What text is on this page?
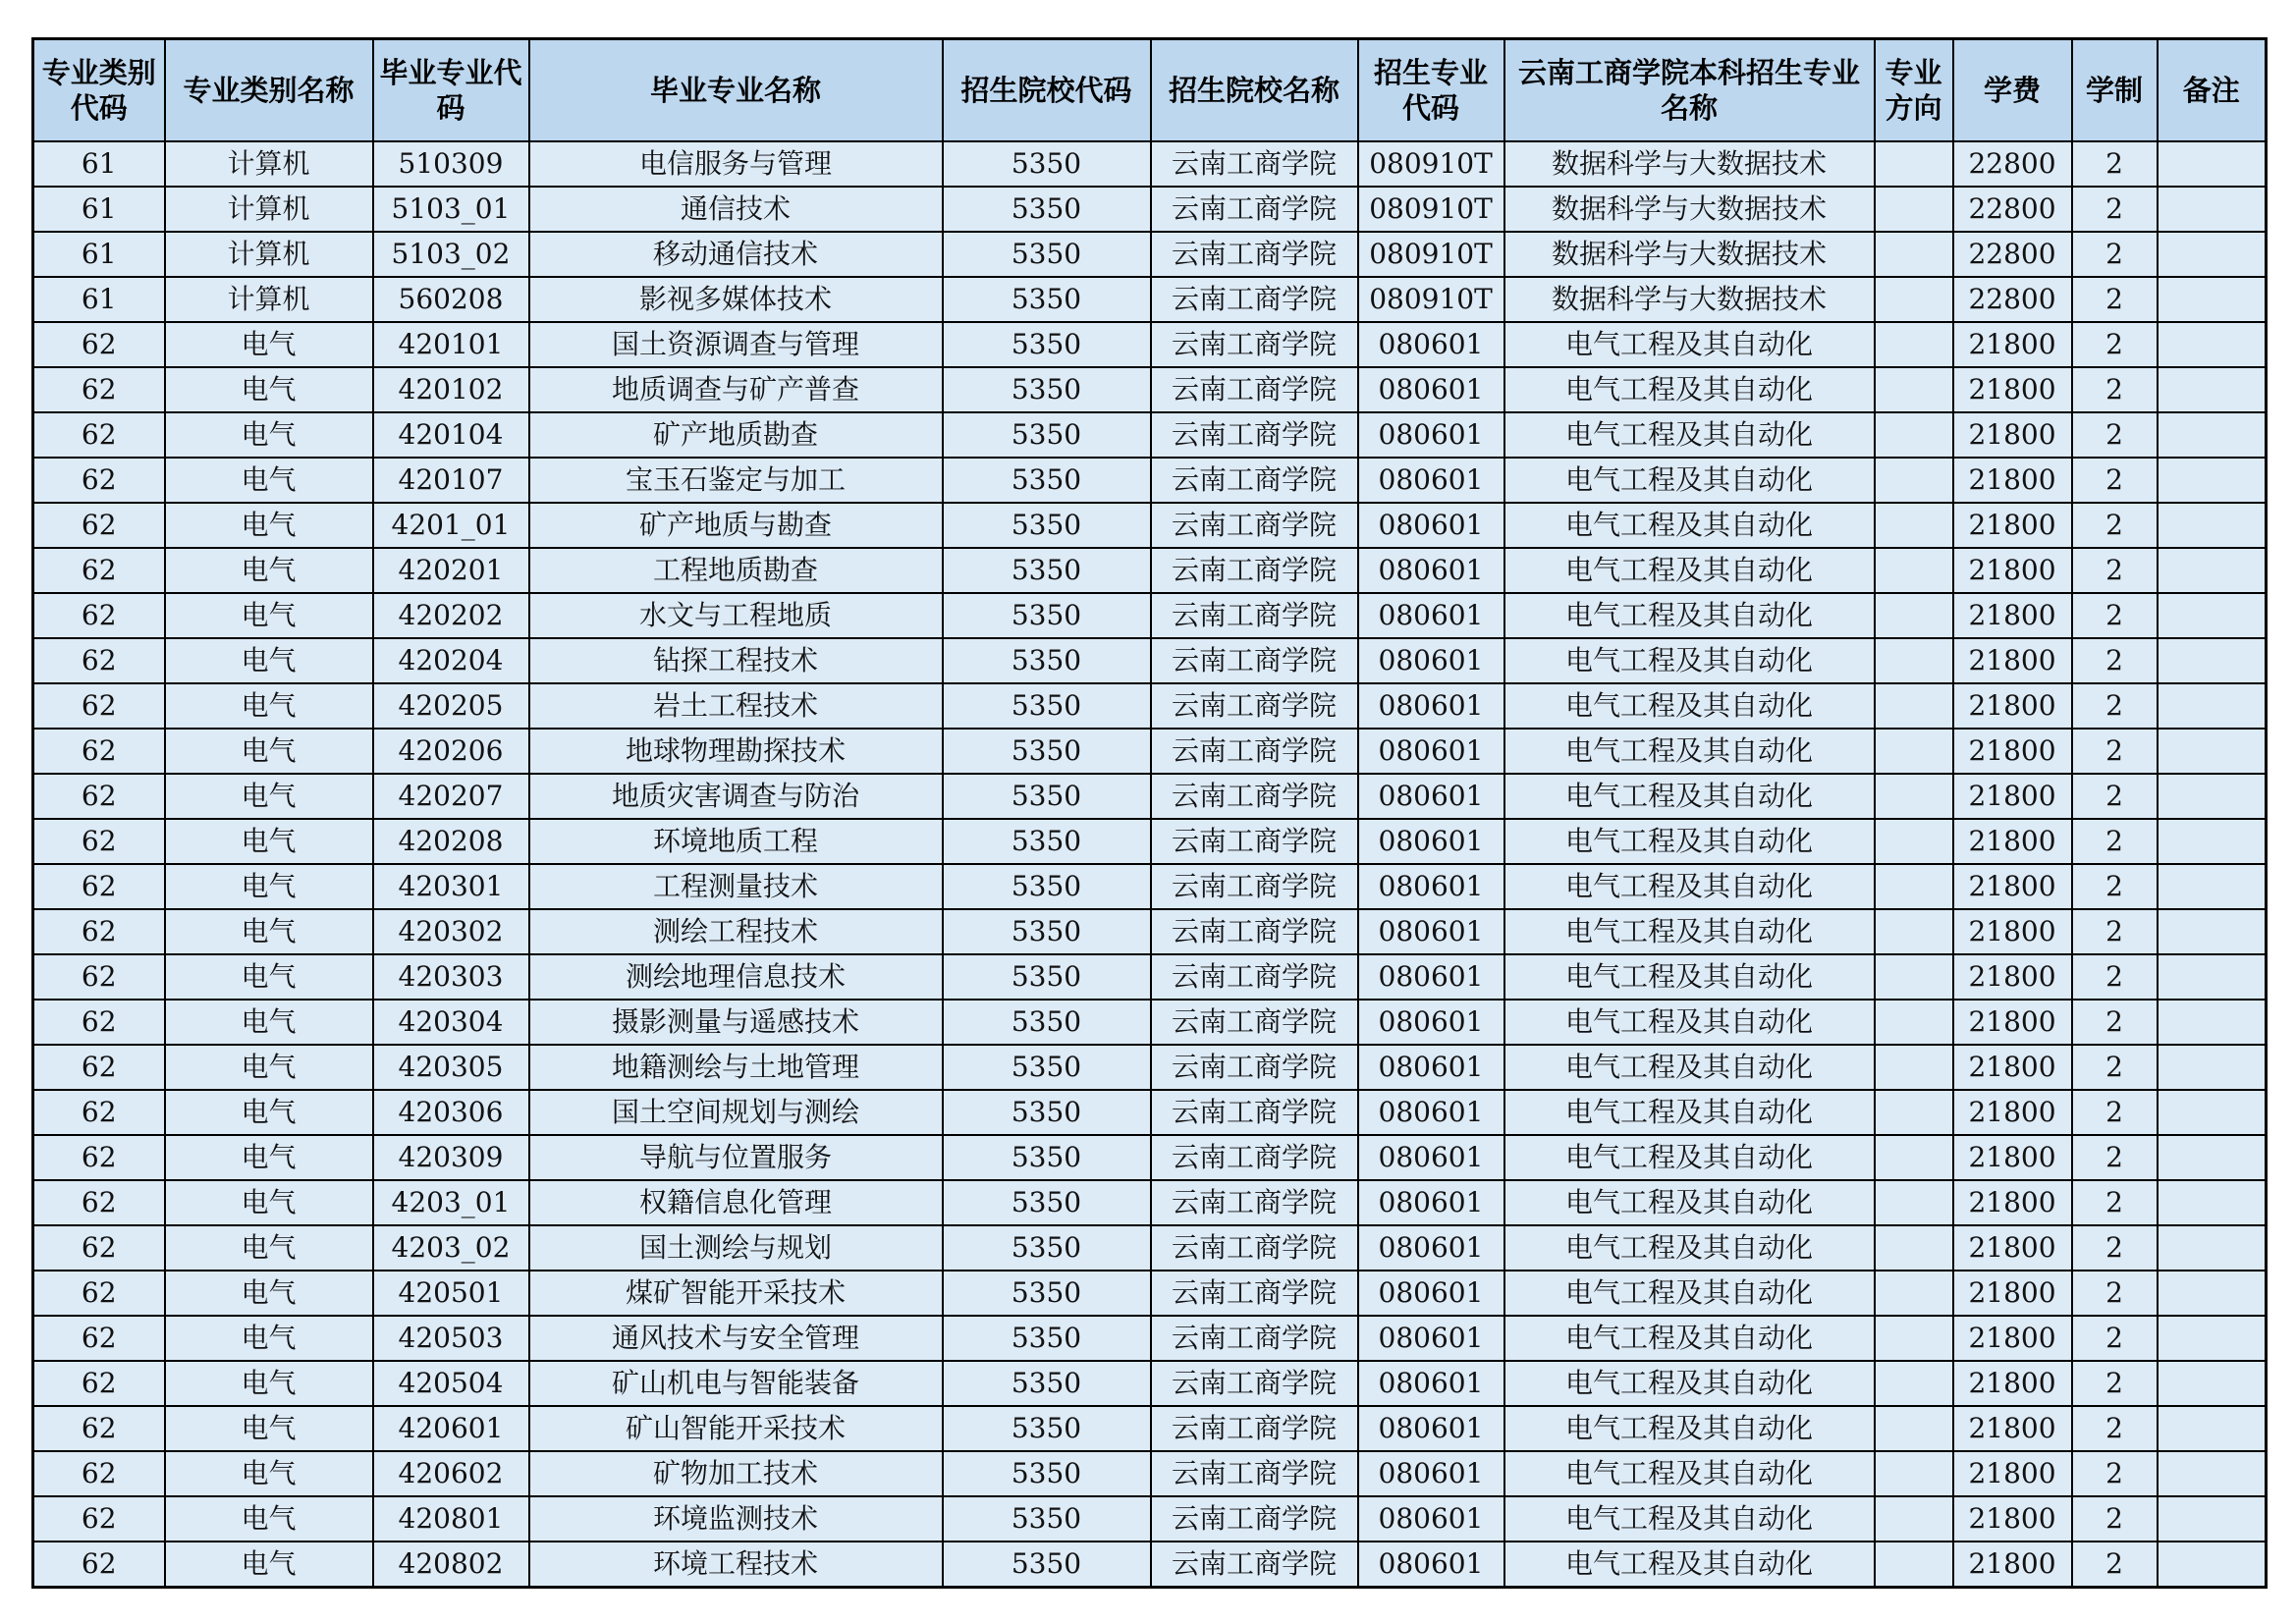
专业类别代码	专业类别名称	毕业专业代码	毕业专业名称	招生院校代码	招生院校名称	招生专业代码	云南工商学院本科招生专业名称	专业方向	学费	学制	备注
61	计算机	510309	电信服务与管理	5350	云南工商学院	080910T	数据科学与大数据技术		22800	2	
61	计算机	5103_01	通信技术	5350	云南工商学院	080910T	数据科学与大数据技术		22800	2	
61	计算机	5103_02	移动通信技术	5350	云南工商学院	080910T	数据科学与大数据技术		22800	2	
61	计算机	560208	影视多媒体技术	5350	云南工商学院	080910T	数据科学与大数据技术		22800	2	
62	电气	420101	国土资源调查与管理	5350	云南工商学院	080601	电气工程及其自动化		21800	2	
62	电气	420102	地质调查与矿产普查	5350	云南工商学院	080601	电气工程及其自动化		21800	2	
62	电气	420104	矿产地质勘查	5350	云南工商学院	080601	电气工程及其自动化		21800	2	
62	电气	420107	宝玉石鉴定与加工	5350	云南工商学院	080601	电气工程及其自动化		21800	2	
62	电气	4201_01	矿产地质与勘查	5350	云南工商学院	080601	电气工程及其自动化		21800	2	
62	电气	420201	工程地质勘查	5350	云南工商学院	080601	电气工程及其自动化		21800	2	
62	电气	420202	水文与工程地质	5350	云南工商学院	080601	电气工程及其自动化		21800	2	
62	电气	420204	钻探工程技术	5350	云南工商学院	080601	电气工程及其自动化		21800	2	
62	电气	420205	岩土工程技术	5350	云南工商学院	080601	电气工程及其自动化		21800	2	
62	电气	420206	地球物理勘探技术	5350	云南工商学院	080601	电气工程及其自动化		21800	2	
62	电气	420207	地质灾害调查与防治	5350	云南工商学院	080601	电气工程及其自动化		21800	2	
62	电气	420208	环境地质工程	5350	云南工商学院	080601	电气工程及其自动化		21800	2	
62	电气	420301	工程测量技术	5350	云南工商学院	080601	电气工程及其自动化		21800	2	
62	电气	420302	测绘工程技术	5350	云南工商学院	080601	电气工程及其自动化		21800	2	
62	电气	420303	测绘地理信息技术	5350	云南工商学院	080601	电气工程及其自动化		21800	2	
62	电气	420304	摄影测量与遥感技术	5350	云南工商学院	080601	电气工程及其自动化		21800	2	
62	电气	420305	地籍测绘与土地管理	5350	云南工商学院	080601	电气工程及其自动化		21800	2	
62	电气	420306	国土空间规划与测绘	5350	云南工商学院	080601	电气工程及其自动化		21800	2	
62	电气	420309	导航与位置服务	5350	云南工商学院	080601	电气工程及其自动化		21800	2	
62	电气	4203_01	权籍信息化管理	5350	云南工商学院	080601	电气工程及其自动化		21800	2	
62	电气	4203_02	国土测绘与规划	5350	云南工商学院	080601	电气工程及其自动化		21800	2	
62	电气	420501	煤矿智能开采技术	5350	云南工商学院	080601	电气工程及其自动化		21800	2	
62	电气	420503	通风技术与安全管理	5350	云南工商学院	080601	电气工程及其自动化		21800	2	
62	电气	420504	矿山机电与智能装备	5350	云南工商学院	080601	电气工程及其自动化		21800	2	
62	电气	420601	矿山智能开采技术	5350	云南工商学院	080601	电气工程及其自动化		21800	2	
62	电气	420602	矿物加工技术	5350	云南工商学院	080601	电气工程及其自动化		21800	2	
62	电气	420801	环境监测技术	5350	云南工商学院	080601	电气工程及其自动化		21800	2	
62	电气	420802	环境工程技术	5350	云南工商学院	080601	电气工程及其自动化		21800	2	
